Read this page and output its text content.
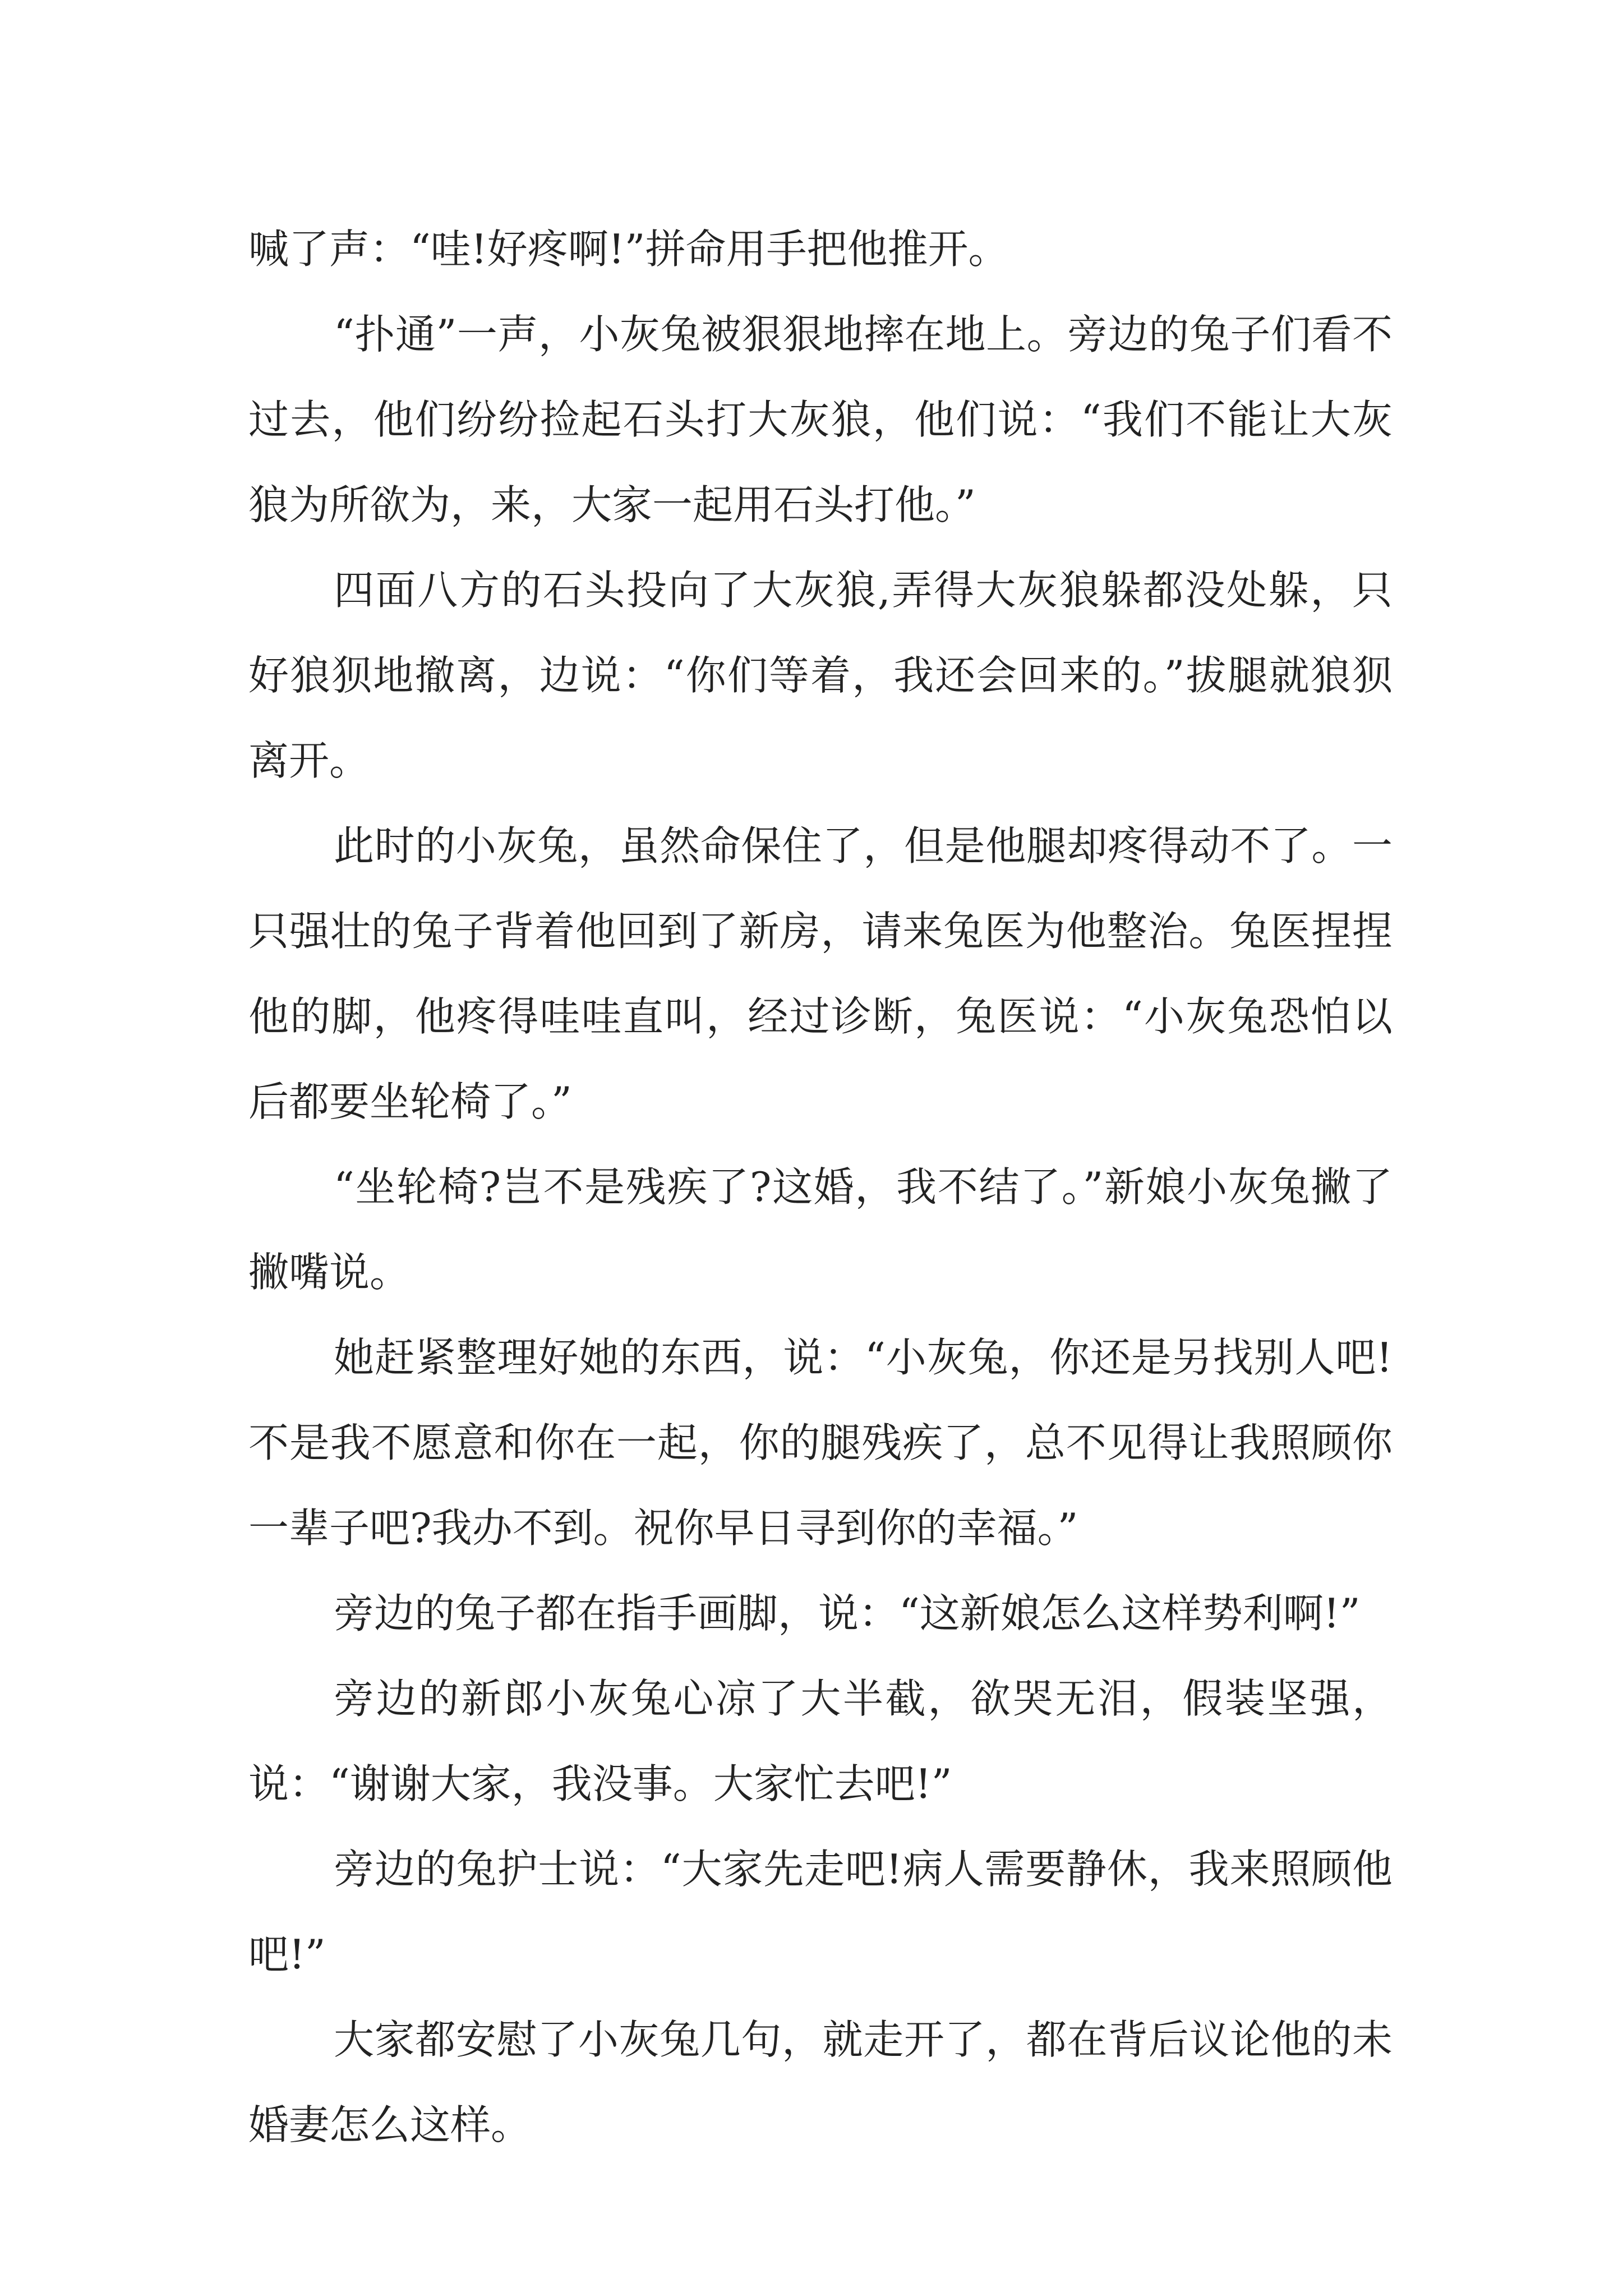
喊了声：“哇!好疼啊!”拼命用手把他推开。

“扑通”一声，小灰兔被狠狠地摔在地上。旁边的兔子们看不过去，他们纷纷捡起石头打大灰狼，他们说：“我们不能让大灰狼为所欲为，来，大家一起用石头打他。”

四面八方的石头投向了大灰狼,弄得大灰狼躲都没处躲，只好狼狈地撤离，边说：“你们等着，我还会回来的。”拔腿就狼狈离开。

此时的小灰兔，虽然命保住了，但是他腿却疼得动不了。一只强壮的兔子背着他回到了新房，请来兔医为他整治。兔医捏捏他的脚，他疼得哇哇直叫，经过诊断，兔医说：“小灰兔恐怕以后都要坐轮椅了。”

“坐轮椅?岂不是残疾了?这婚，我不结了。”新娘小灰兔撇了撇嘴说。

她赶紧整理好她的东西，说：“小灰兔，你还是另找别人吧!不是我不愿意和你在一起，你的腿残疾了，总不见得让我照顾你一辈子吧?我办不到。祝你早日寻到你的幸福。”

旁边的兔子都在指手画脚，说：“这新娘怎么这样势利啊!”

旁边的新郎小灰兔心凉了大半截，欲哭无泪，假装坚强，说：“谢谢大家，我没事。大家忙去吧!”

旁边的兔护士说：“大家先走吧!病人需要静休，我来照顾他吧!”

大家都安慰了小灰兔几句，就走开了，都在背后议论他的未婚妻怎么这样。
